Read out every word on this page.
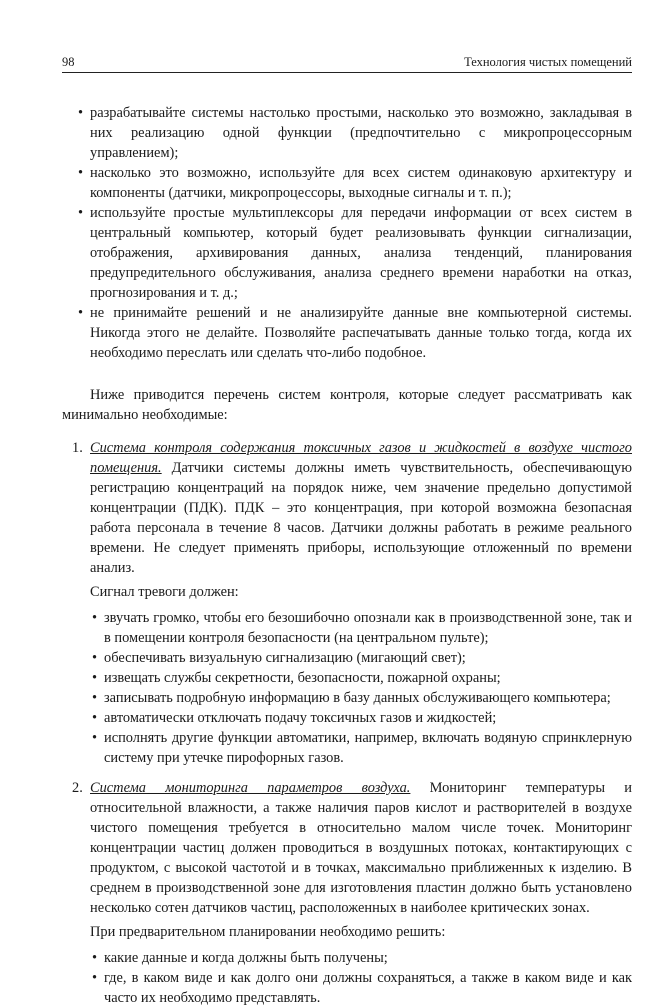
98	Технология чистых помещений
• разрабатывайте системы настолько простыми, насколько это возможно, закладывая в них реализацию одной функции (предпочтительно с микропроцессорным управлением);
• насколько это возможно, используйте для всех систем одинаковую архитектуру и компоненты (датчики, микропроцессоры, выходные сигналы и т. п.);
• используйте простые мультиплексоры для передачи информации от всех систем в центральный компьютер, который будет реализовывать функции сигнализации, отображения, архивирования данных, анализа тенденций, планирования предупредительного обслуживания, анализа среднего времени наработки на отказ, прогнозирования и т. д.;
• не принимайте решений и не анализируйте данные вне компьютерной системы. Никогда этого не делайте. Позволяйте распечатывать данные только тогда, когда их необходимо переслать или сделать что-либо подобное.

Ниже приводится перечень систем контроля, которые следует рассматривать как минимально необходимые:

1. Система контроля содержания токсичных газов и жидкостей в воздухе чистого помещения. Датчики системы должны иметь чувствительность, обеспечивающую регистрацию концентраций на порядок ниже, чем значение предельно допустимой концентрации (ПДК). ПДК – это концентрация, при которой возможна безопасная работа персонала в течение 8 часов. Датчики должны работать в режиме реального времени. Не следует применять приборы, использующие отложенный по времени анализ.

Сигнал тревоги должен:

• звучать громко, чтобы его безошибочно опознали как в производственной зоне, так и в помещении контроля безопасности (на центральном пульте);
• обеспечивать визуальную сигнализацию (мигающий свет);
• извещать службы секретности, безопасности, пожарной охраны;
• записывать подробную информацию в базу данных обслуживающего компьютера;
• автоматически отключать подачу токсичных газов и жидкостей;
• исполнять другие функции автоматики, например, включать водяную спринклерную систему при утечке пирофорных газов.
2. Система мониторинга параметров воздуха. Мониторинг температуры и относительной влажности, а также наличия паров кислот и растворителей в воздухе чистого помещения требуется в относительно малом числе точек. Мониторинг концентрации частиц должен проводиться в воздушных потоках, контактирующих с продуктом, с высокой частотой и в точках, максимально приближенных к изделию. В среднем в производственной зоне для изготовления пластин должно быть установлено несколько сотен датчиков частиц, расположенных в наиболее критических зонах.

При предварительном планировании необходимо решить:

• какие данные и когда должны быть получены;
• где, в каком виде и как долго они должны сохраняться, а также в каком виде и как часто их необходимо представлять.
